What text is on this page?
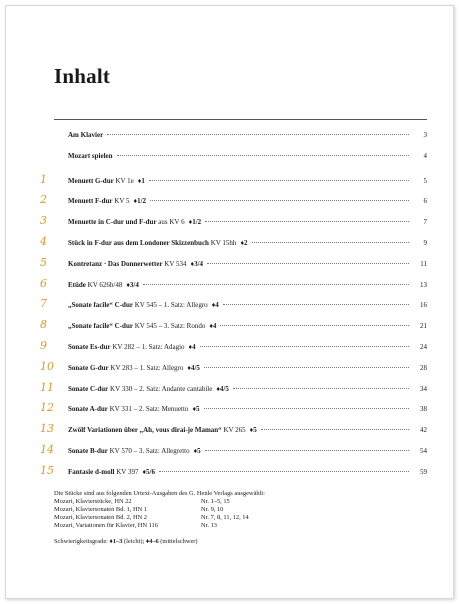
Inhalt
Am Klavier	3
Mozart spielen	4
1	Menuett G-dur KV 1e ♦1	5
2	Menuett F-dur KV 5 ♦1/2	6
3	Menuette in C-dur und F-dur aus KV 6 ♦1/2	7
4	Stück in F-dur aus dem Londoner Skizzenbuch KV 15hh ♦2	9
5	Kontretanz · Das Donnerwetter KV 534 ♦3/4	11
6	Etüde KV 626b/48 ♦3/4	13
7	„Sonate facile“ C-dur KV 545 – 1. Satz: Allegro ♦4	16
8	„Sonate facile“ C-dur KV 545 – 3. Satz: Rondo ♦4	21
9	Sonate Es-dur KV 282 – 1. Satz: Adagio ♦4	24
10	Sonate G-dur KV 283 – 1. Satz: Allegro ♦4/5	28
11	Sonate C-dur KV 330 – 2. Satz: Andante cantabile ♦4/5	34
12	Sonate A-dur KV 331 – 2. Satz: Menuetto ♦5	38
13	Zwölf Variationen über „Ah, vous dirai-je Maman“ KV 265 ♦5	42
14	Sonate B-dur KV 570 – 3. Satz: Allegretto ♦5	54
15	Fantasie d-moll KV 397 ♦5/6	59
Die Stücke sind aus folgenden Urtext-Ausgaben des G. Henle Verlags ausgewählt:
Mozart, Klavierstücke, HN 22	Nr. 1–5, 15
Mozart, Klaviersonaten Bd. 1, HN 1	Nr. 9, 10
Mozart, Klaviersonaten Bd. 2, HN 2	Nr. 7, 8, 11, 12, 14
Mozart, Variationen für Klavier, HN 116	Nr. 13
Schwierigkeitsgrade: ♦1–3 (leicht); ♦4–6 (mittelschwer)
